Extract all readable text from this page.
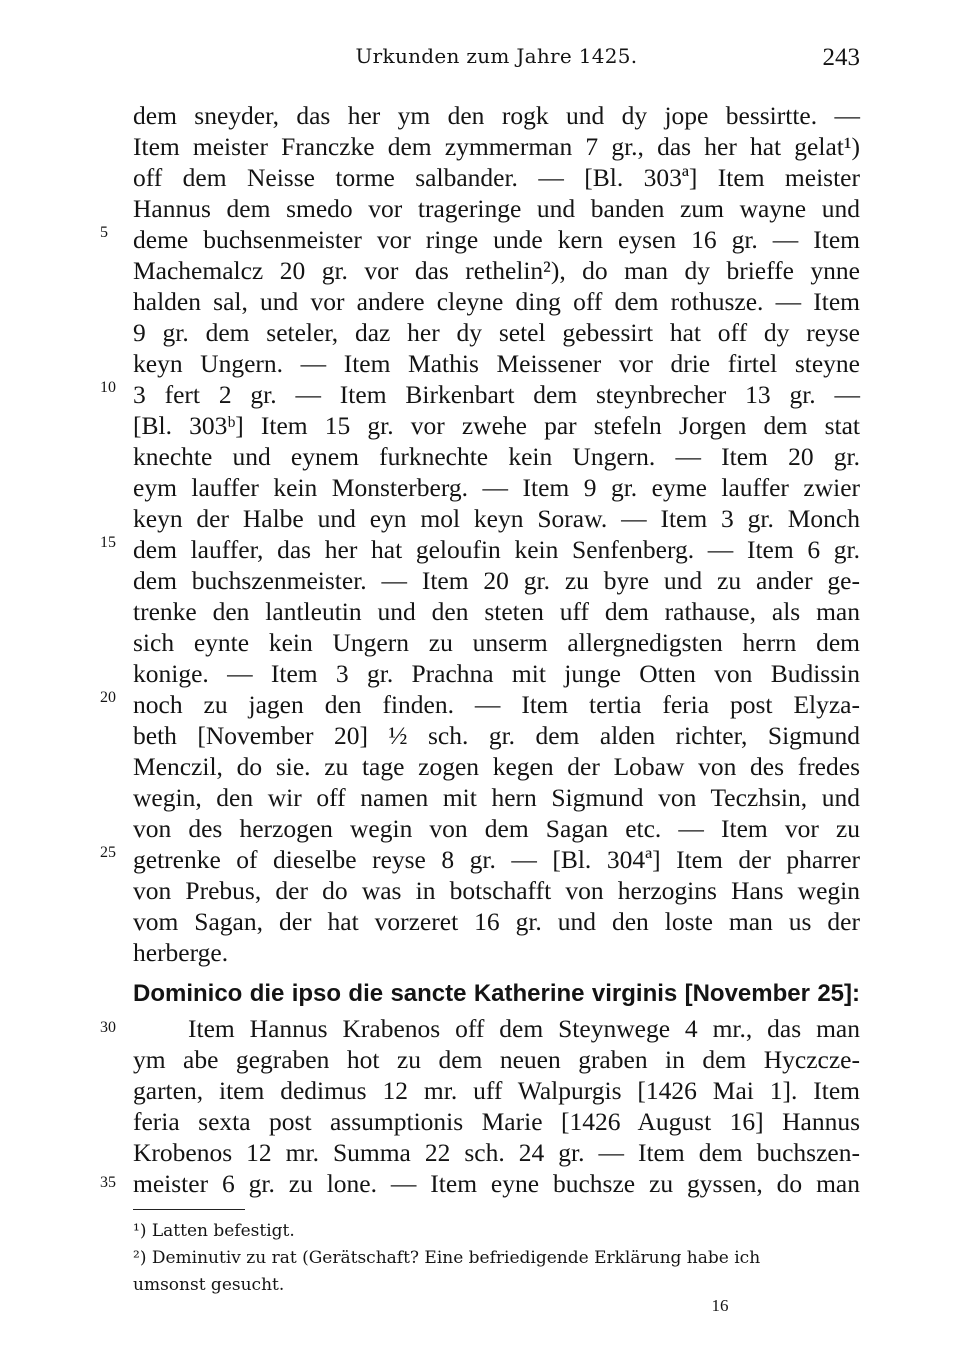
Urkunden zum Jahre 1425.	243
dem sneyder, das her ym den rogk und dy jope bessirtte. —
Item meister Franczke dem zymmerman 7 gr., das her hat gelat¹)
off dem Neisse torme salbander. — [Bl. 303ª] Item meister
Hannus dem smedo vor trageringe und banden zum wayne und
deme buchsenmeister vor ringe unde kern eysen 16 gr. — Item
Machemalcz 20 gr. vor das rethelin²), do man dy brieffe ynne
halden sal, und vor andere cleyne ding off dem rothusze. — Item
9 gr. dem seteler, daz her dy setel gebessirt hat off dy reyse
keyn Ungern. — Item Mathis Meissener vor drie firtel steyne
3 fert 2 gr. — Item Birkenbart dem steynbrecher 13 gr. —
[Bl. 303ᵇ] Item 15 gr. vor zwehe par stefeln Jorgen dem stat
knechte und eynem furknechte kein Ungern. — Item 20 gr.
eym lauffer kein Monsterberg. — Item 9 gr. eyme lauffer zwier
keyn der Halbe und eyn mol keyn Soraw. — Item 3 gr. Monch
dem lauffer, das her hat geloufin kein Senfenberg. — Item 6 gr.
dem buchszenmeister. — Item 20 gr. zu byre und zu ander ge-
trenke den lantleutin und den steten uff dem rathause, als man
sich eynte kein Ungern zu unserm allergnedigsten herrn dem
konige. — Item 3 gr. Prachna mit junge Otten von Budissin
noch zu jagen den finden. — Item tertia feria post Elyza-
beth [November 20] ½ sch. gr. dem alden richter, Sigmund
Menczil, do sie. zu tage zogen kegen der Lobaw von des fredes
wegin, den wir off namen mit hern Sigmund von Teczhsin, und
von des herzogen wegin von dem Sagan etc. — Item vor zu
getrenke of dieselbe reyse 8 gr. — [Bl. 304ª] Item der pharrer
von Prebus, der do was in botschafft von herzogins Hans wegin
vom Sagan, der hat vorzeret 16 gr. und den loste man us der
herberge.
5
10
15
20
25
Dominico die ipso die sancte Katherine virginis [November 25]:
Item Hannus Krabenos off dem Steynwege 4 mr., das man
ym abe gegraben hot zu dem neuen graben in dem Hyczcze-
garten, item dedimus 12 mr. uff Walpurgis [1426 Mai 1]. Item
feria sexta post assumptionis Marie [1426 August 16] Hannus
Krobenos 12 mr. Summa 22 sch. 24 gr. — Item dem buchszen-
meister 6 gr. zu lone. — Item eyne buchsze zu gyssen, do man
30
35
¹) Latten befestigt.
²) Deminutiv zu rat (Gerätschaft? Eine befriedigende Erklärung habe ich
umsonst gesucht.
16
